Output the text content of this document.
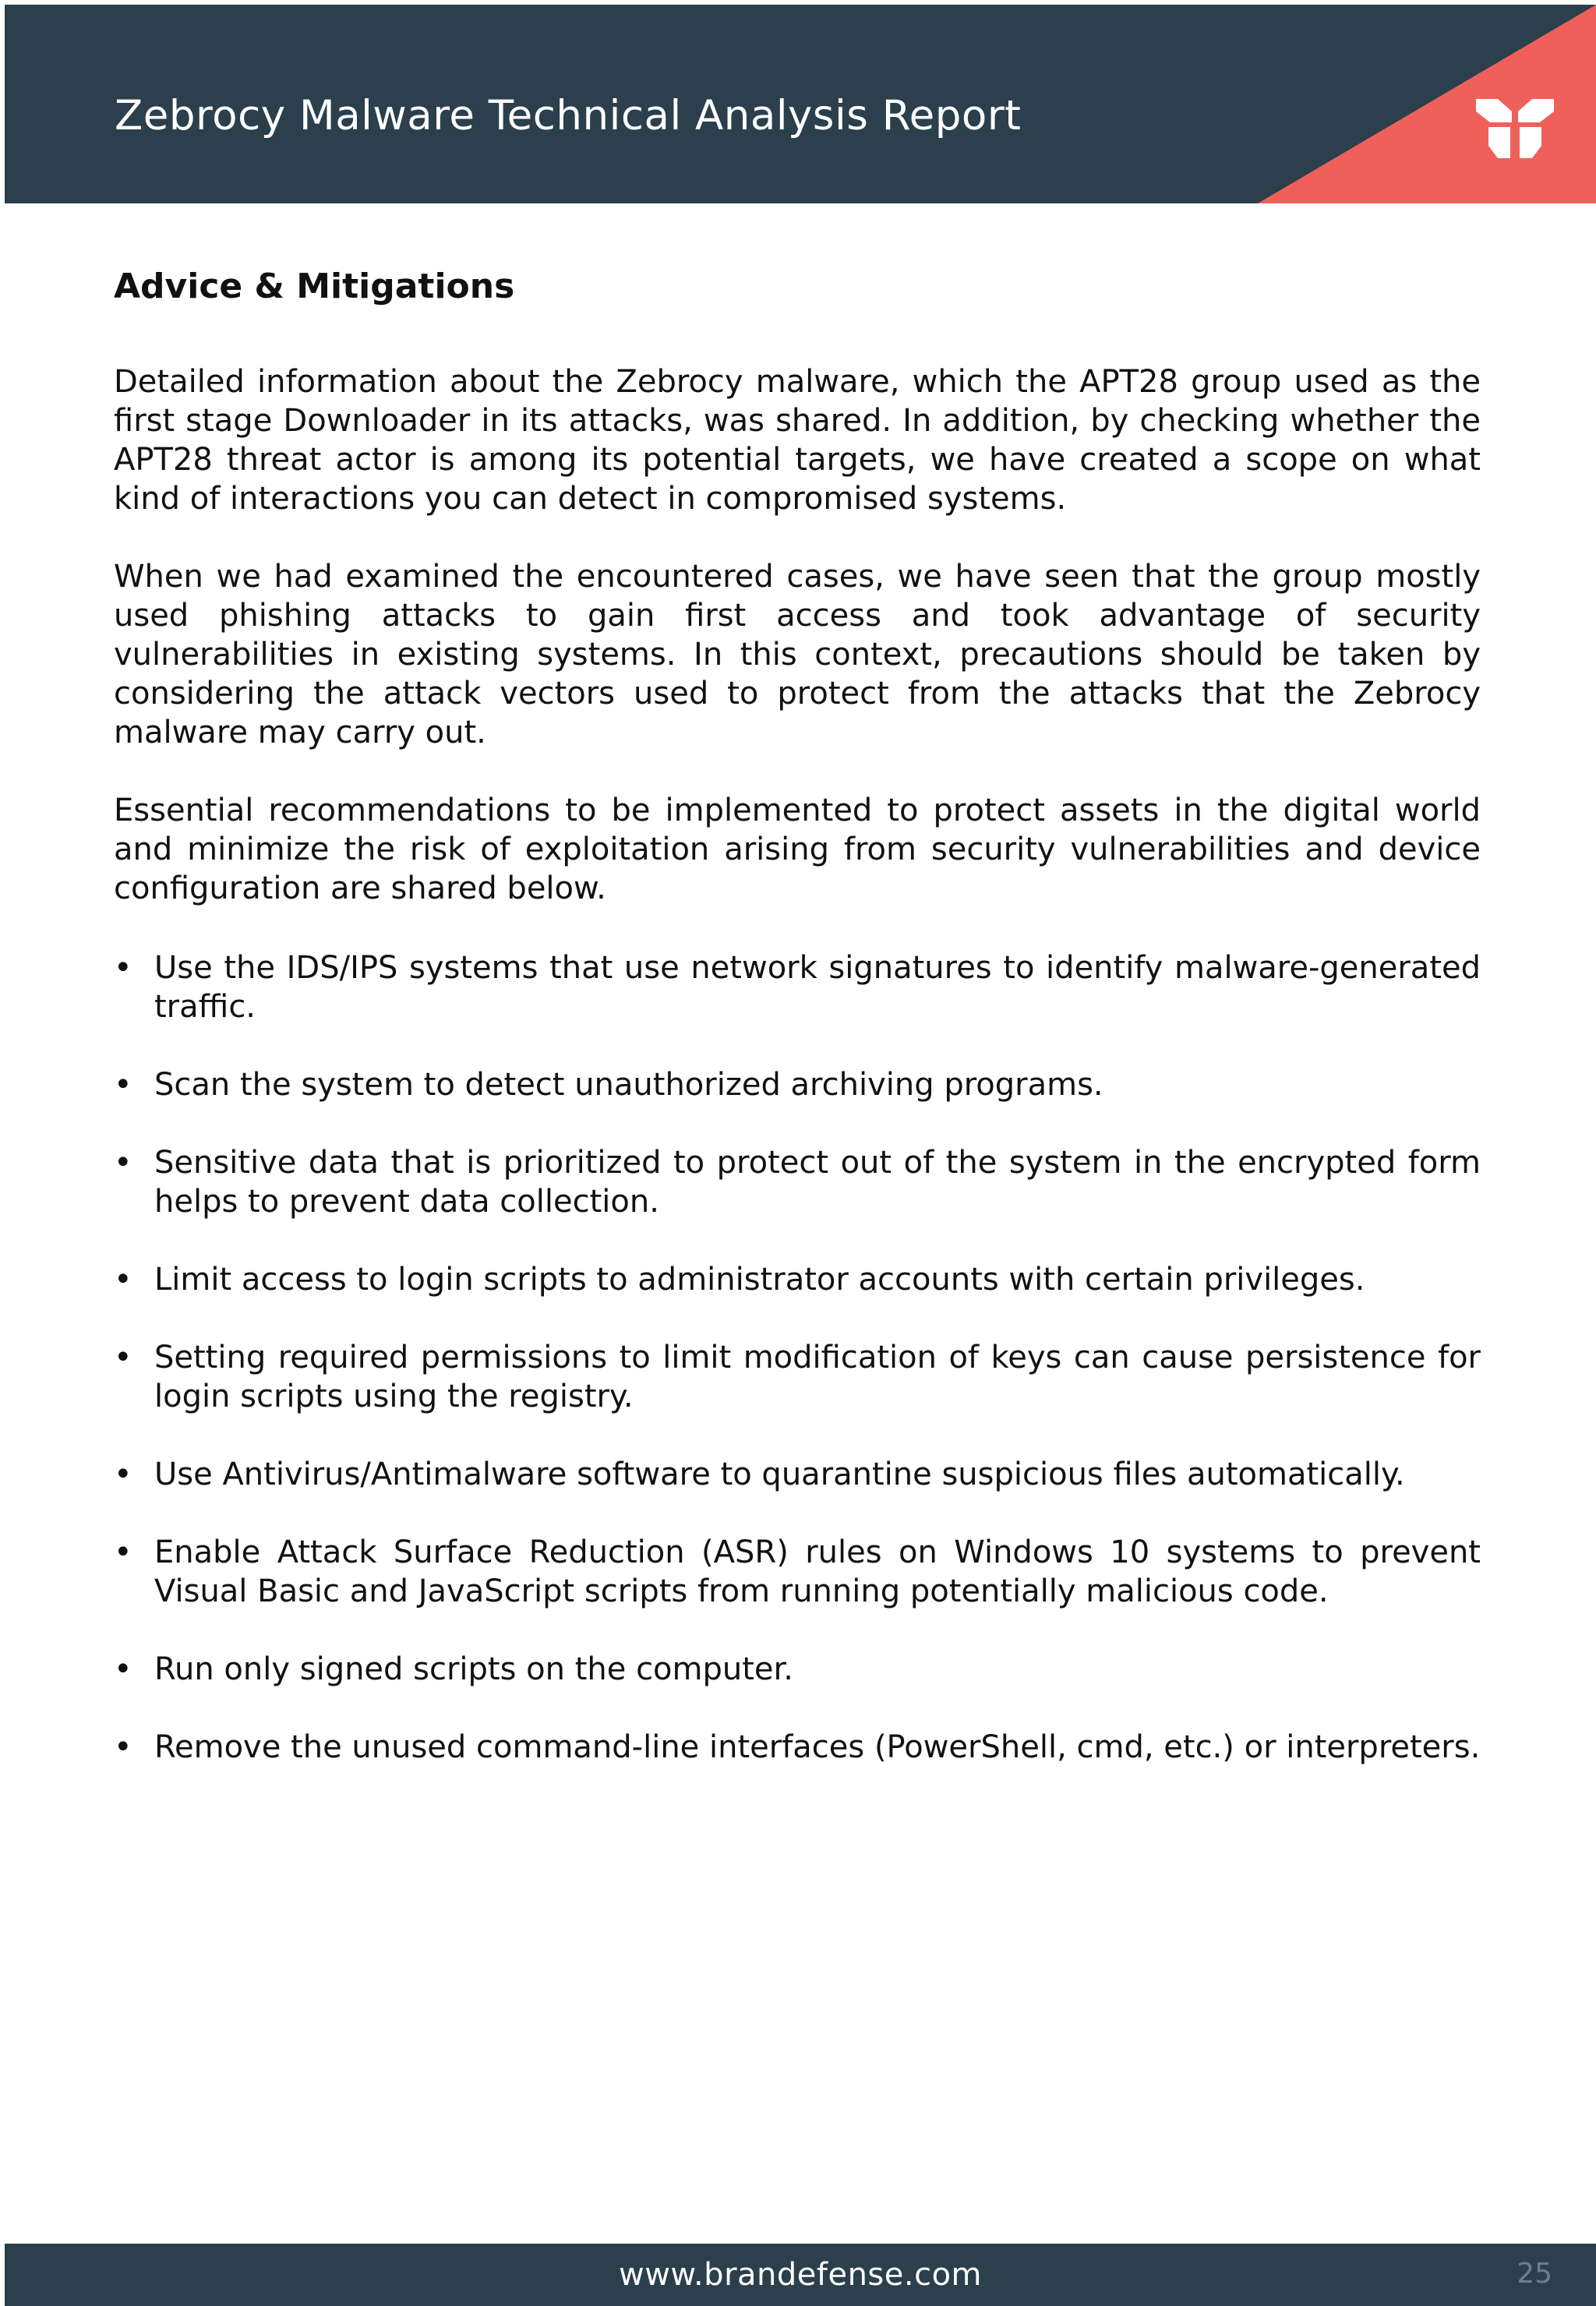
Zebrocy Malware Technical Analysis Report
Advice & Mitigations

Detailed information about the Zebrocy malware, which the APT28 group used as the first stage Downloader in its attacks, was shared. In addition, by checking whether the APT28 threat actor is among its potential targets, we have created a scope on what kind of interactions you can detect in compromised systems.

When we had examined the encountered cases, we have seen that the group mostly used phishing attacks to gain first access and took advantage of security vulnerabilities in existing systems. In this context, precautions should be taken by considering the attack vectors used to protect from the attacks that the Zebrocy malware may carry out.

Essential recommendations to be implemented to protect assets in the digital world and minimize the risk of exploitation arising from security vulnerabilities and device configuration are shared below.

• Use the IDS/IPS systems that use network signatures to identify malware-generated traffic.
• Scan the system to detect unauthorized archiving programs.
• Sensitive data that is prioritized to protect out of the system in the encrypted form helps to prevent data collection.
• Limit access to login scripts to administrator accounts with certain privileges.
• Setting required permissions to limit modification of keys can cause persistence for login scripts using the registry.
• Use Antivirus/Antimalware software to quarantine suspicious files automatically.
• Enable Attack Surface Reduction (ASR) rules on Windows 10 systems to prevent Visual Basic and JavaScript scripts from running potentially malicious code.
• Run only signed scripts on the computer.
• Remove the unused command-line interfaces (PowerShell, cmd, etc.) or interpreters.
www.brandefense.com	25
